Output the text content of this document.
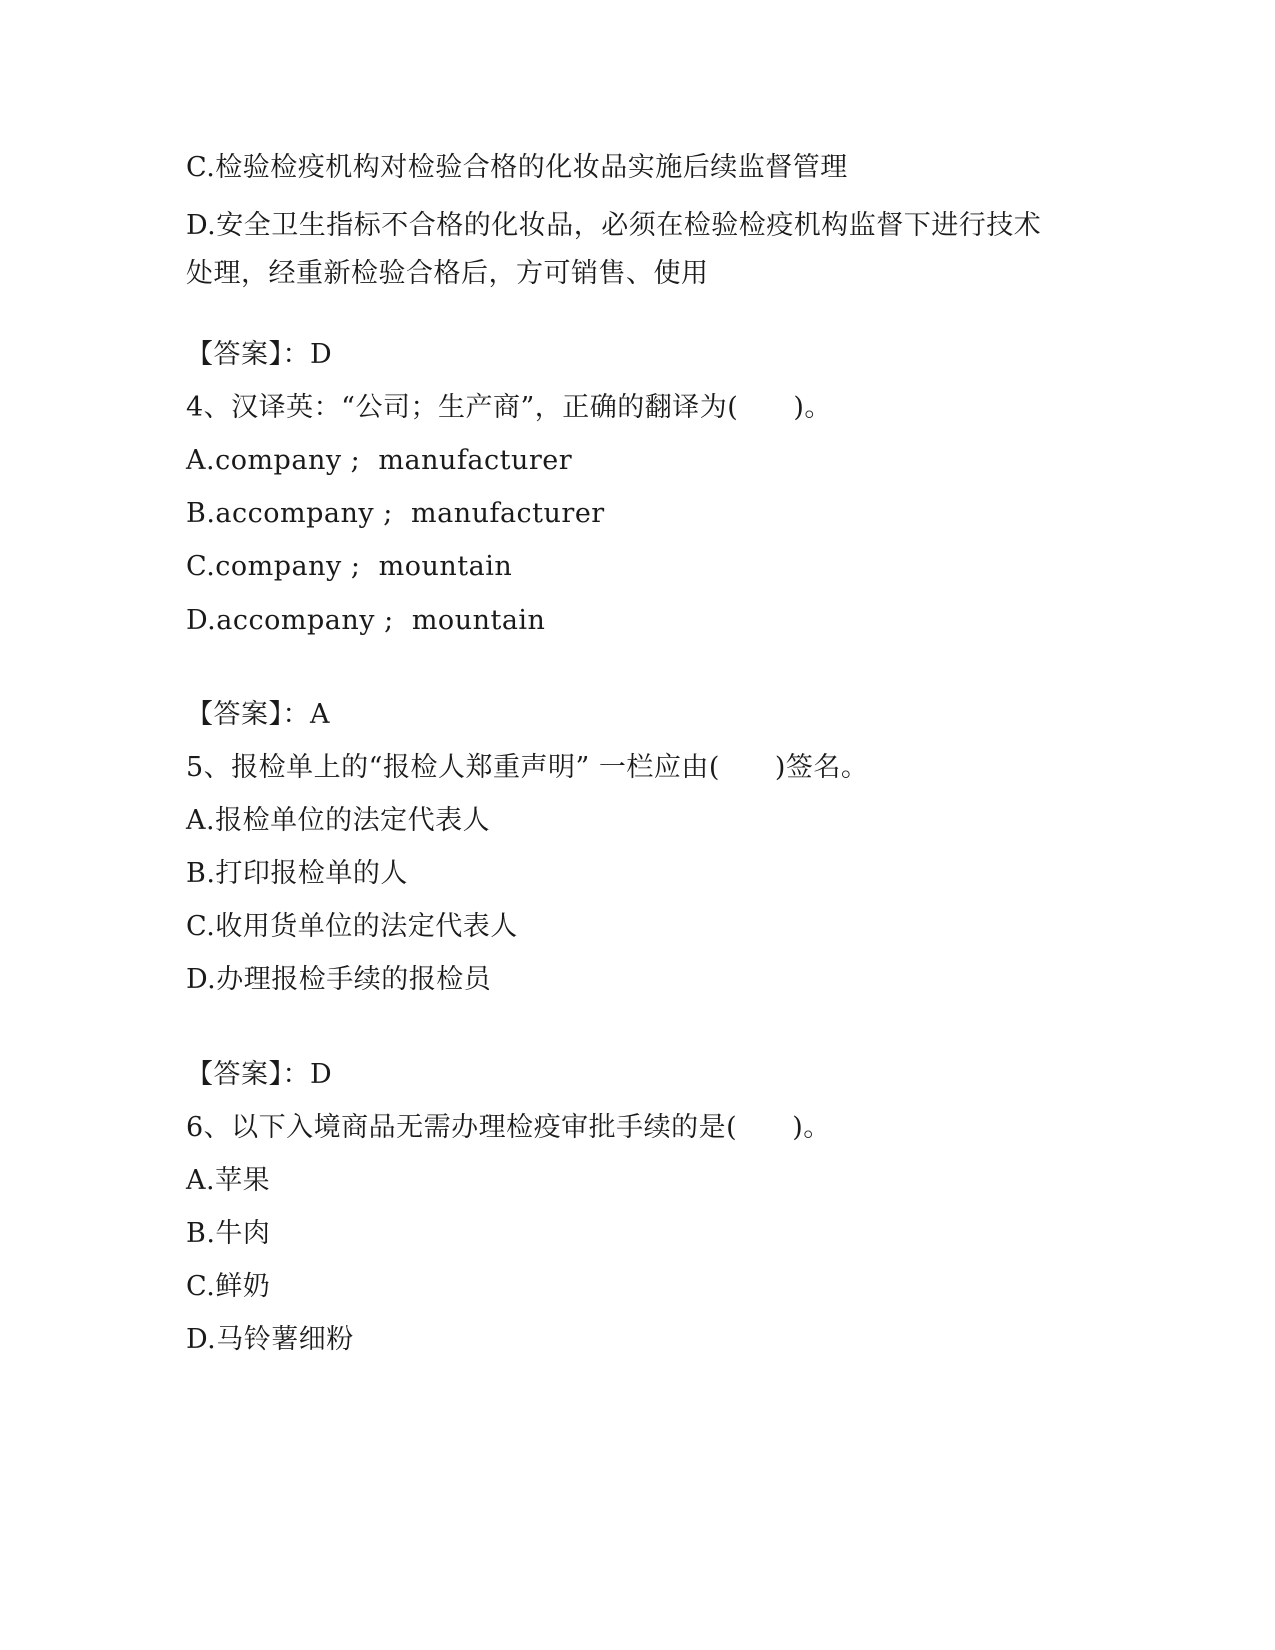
C.检验检疫机构对检验合格的化妆品实施后续监督管理
D.安全卫生指标不合格的化妆品，必须在检验检疫机构监督下进行技术处理，经重新检验合格后，方可销售、使用
【答案】：D
4、汉译英：“公司；生产商”，正确的翻译为(　　)。
A.company ;  manufacturer
B.accompany ;  manufacturer
C.company ;  mountain
D.accompany ;  mountain
【答案】：A
5、报检单上的“报检人郑重声明” 一栏应由(　　)签名。
A.报检单位的法定代表人
B.打印报检单的人
C.收用货单位的法定代表人
D.办理报检手续的报检员
【答案】：D
6、以下入境商品无需办理检疫审批手续的是(　　)。
A.苹果
B.牛肉
C.鲜奶
D.马铃薯细粉
